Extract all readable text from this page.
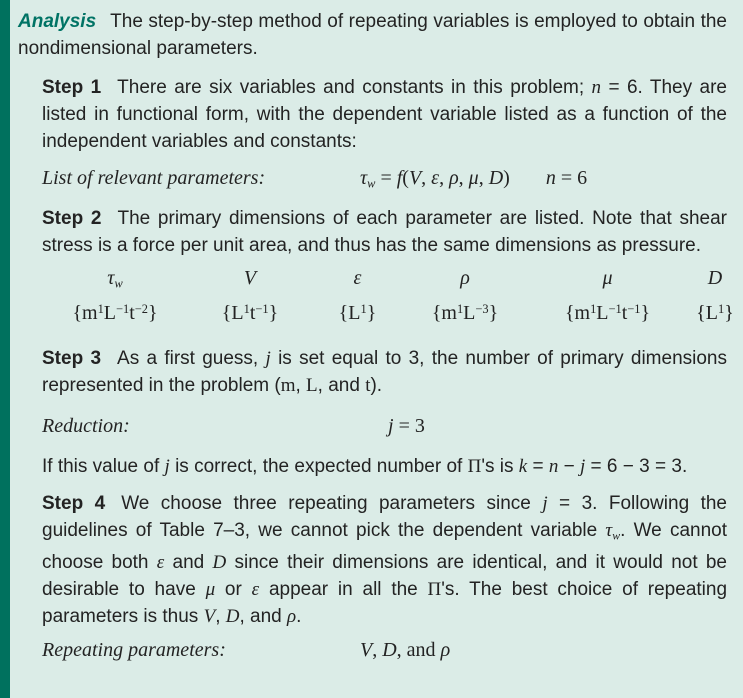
Analysis The step-by-step method of repeating variables is employed to obtain the nondimensional parameters.

Step 1 There are six variables and constants in this problem; n = 6. They are listed in functional form, with the dependent variable listed as a function of the independent variables and constants:

List of relevant parameters:	τw = f(V, ε, ρ, μ, D) n = 6

Step 2 The primary dimensions of each parameter are listed. Note that shear stress is a force per unit area, and thus has the same dimensions as pressure.

τw	V	ε	ρ	μ	D
$\{m^1L^{-1}t^{-2}\}$	$\{L^1t^{-1}\}$	$\{L^1\}$	$\{m^1L^{-3}\}$	$\{m^1L^{-1}t^{-1}\}$	$\{L^1\}$

Step 3 As a first guess, j is set equal to 3, the number of primary dimensions represented in the problem (m, L, and t).

Reduction:	j = 3

If this value of j is correct, the expected number of Π's is k = n − j = 6 − 3 = 3.

Step 4 We choose three repeating parameters since j = 3. Following the guidelines of Table 7–3, we cannot pick the dependent variable τw. We cannot choose both ε and D since their dimensions are identical, and it would not be desirable to have μ or ε appear in all the Π's. The best choice of repeating parameters is thus V, D, and ρ.

Repeating parameters:	V, D, and ρ
